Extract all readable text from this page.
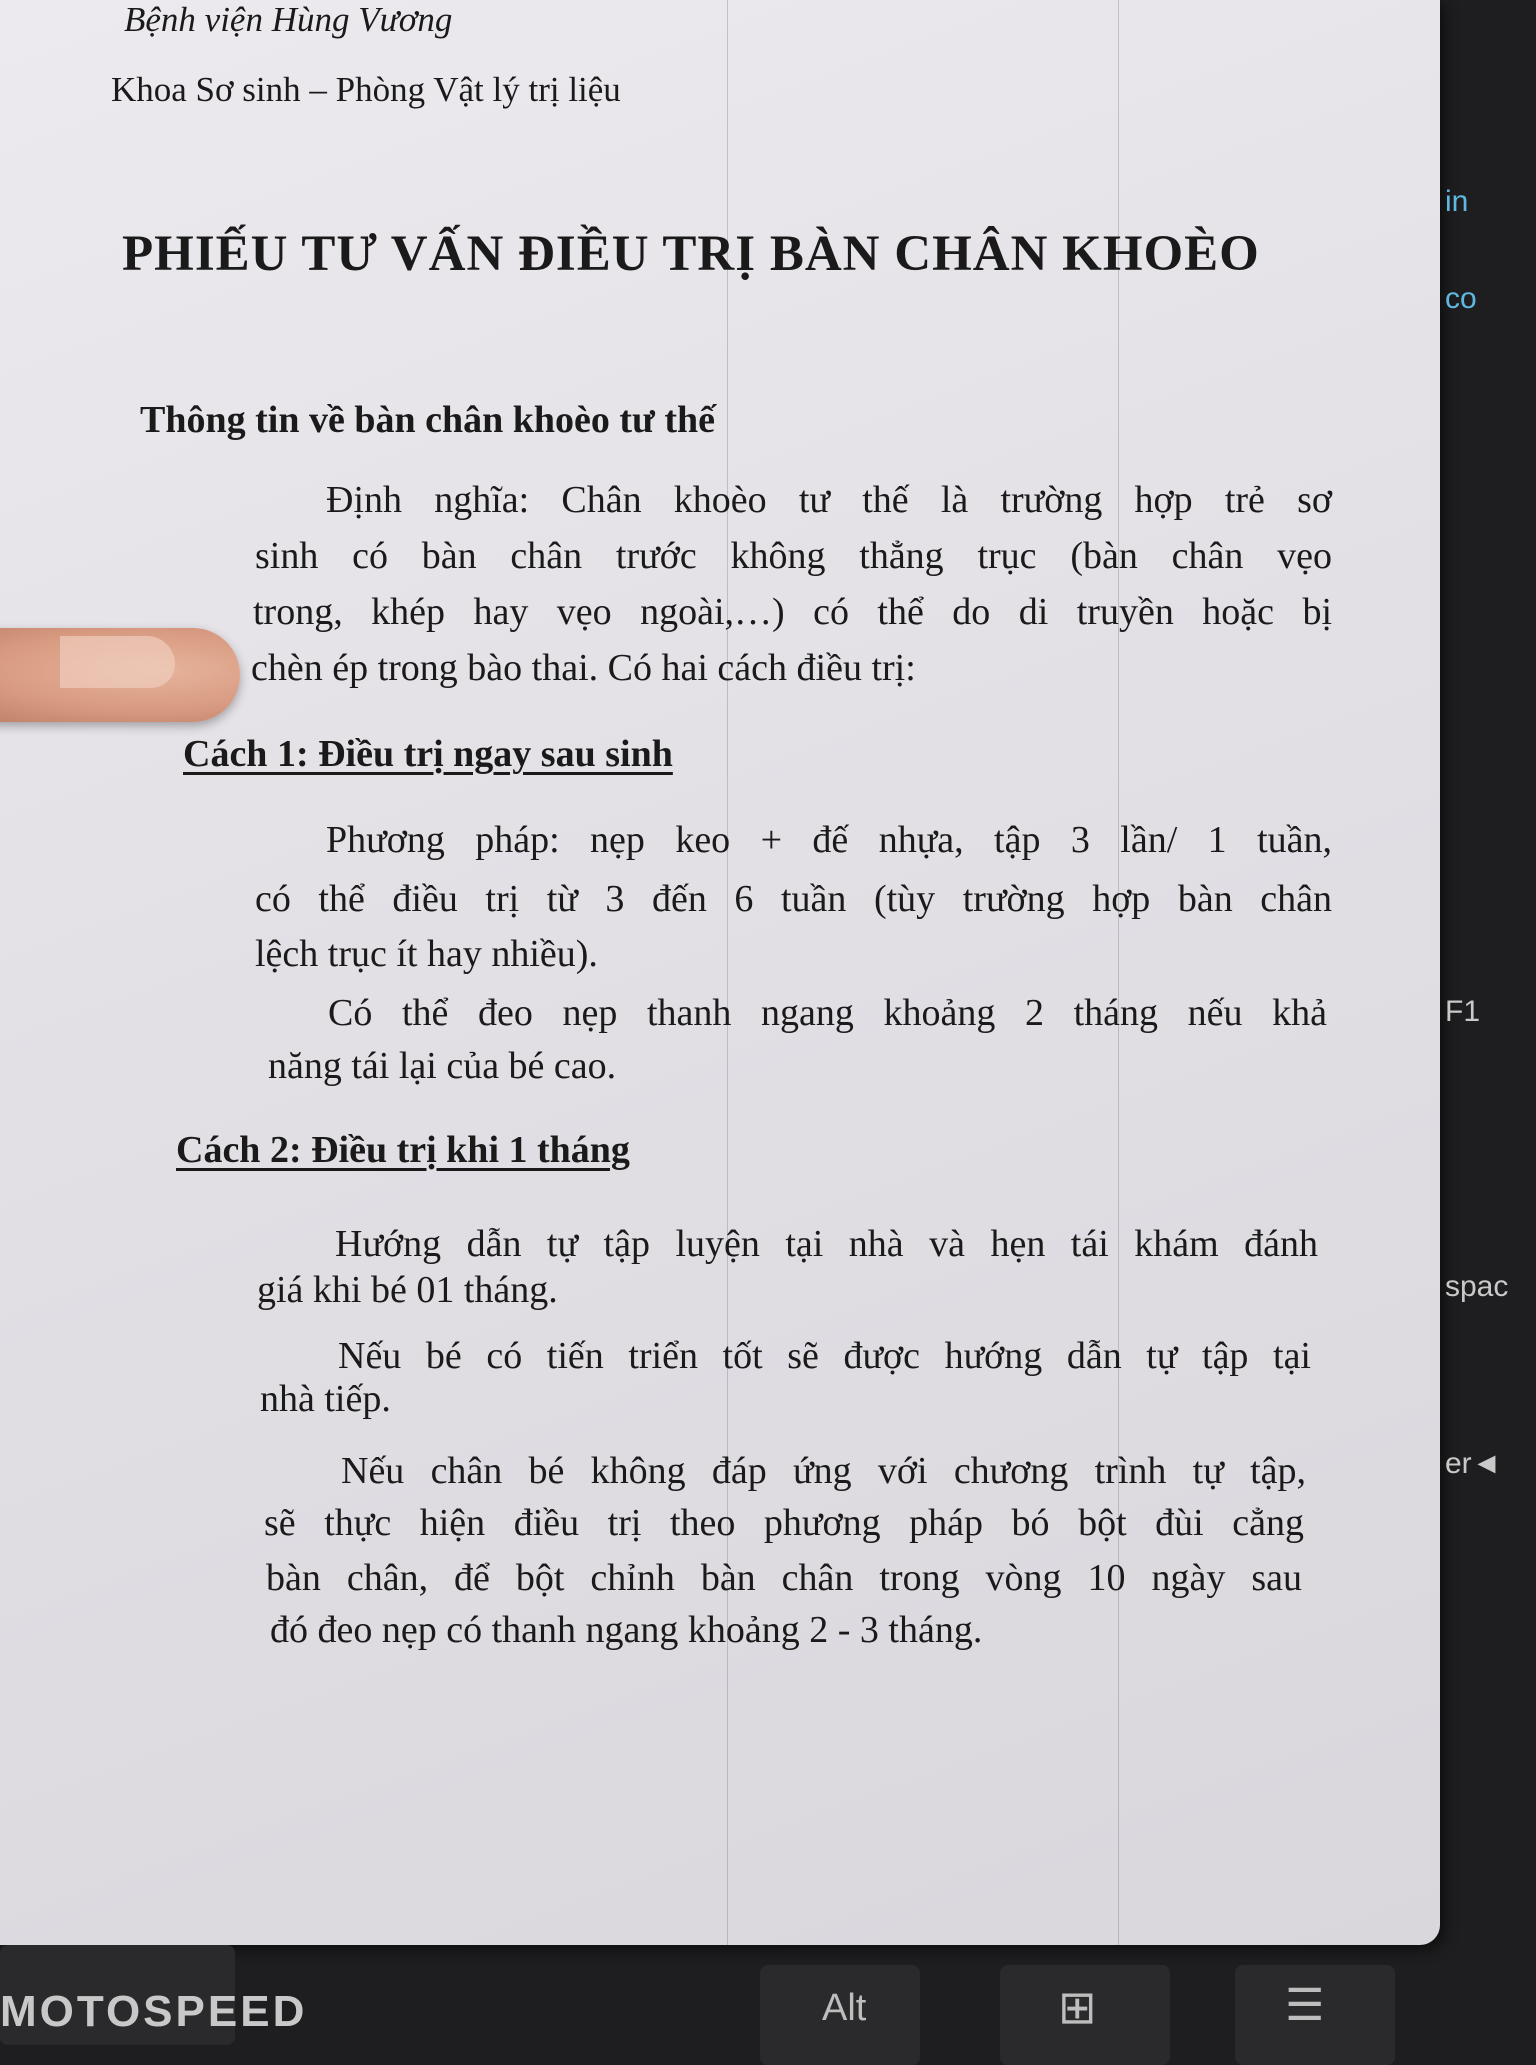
Bệnh viện Hùng Vương
Khoa Sơ sinh – Phòng Vật lý trị liệu
PHIẾU TƯ VẤN ĐIỀU TRỊ BÀN CHÂN KHOÈO
Thông tin về bàn chân khoèo tư thế
Định nghĩa: Chân khoèo tư thế là trường hợp trẻ sơ
sinh có bàn chân trước không thẳng trục (bàn chân vẹo
trong, khép hay vẹo ngoài,…) có thể do di truyền hoặc bị
chèn ép trong bào thai. Có hai cách điều trị:
Cách 1: Điều trị ngay sau sinh
Phương pháp: nẹp keo + đế nhựa, tập 3 lần/ 1 tuần,
có thể điều trị từ 3 đến 6 tuần (tùy trường hợp bàn chân
lệch trục ít hay nhiều).
Có thể đeo nẹp thanh ngang khoảng 2 tháng nếu khả
năng tái lại của bé cao.
Cách 2: Điều trị khi 1 tháng
Hướng dẫn tự tập luyện tại nhà và hẹn tái khám đánh
giá khi bé 01 tháng.
Nếu bé có tiến triển tốt sẽ được hướng dẫn tự tập tại
nhà tiếp.
Nếu chân bé không đáp ứng với chương trình tự tập,
sẽ thực hiện điều trị theo phương pháp bó bột đùi cẳng
bàn chân, để bột chỉnh bàn chân trong vòng 10 ngày sau
đó đeo nẹp có thanh ngang khoảng 2 - 3 tháng.
in
co
F1
spac
er◄
MOTOSPEED	Alt	⊞	☰
